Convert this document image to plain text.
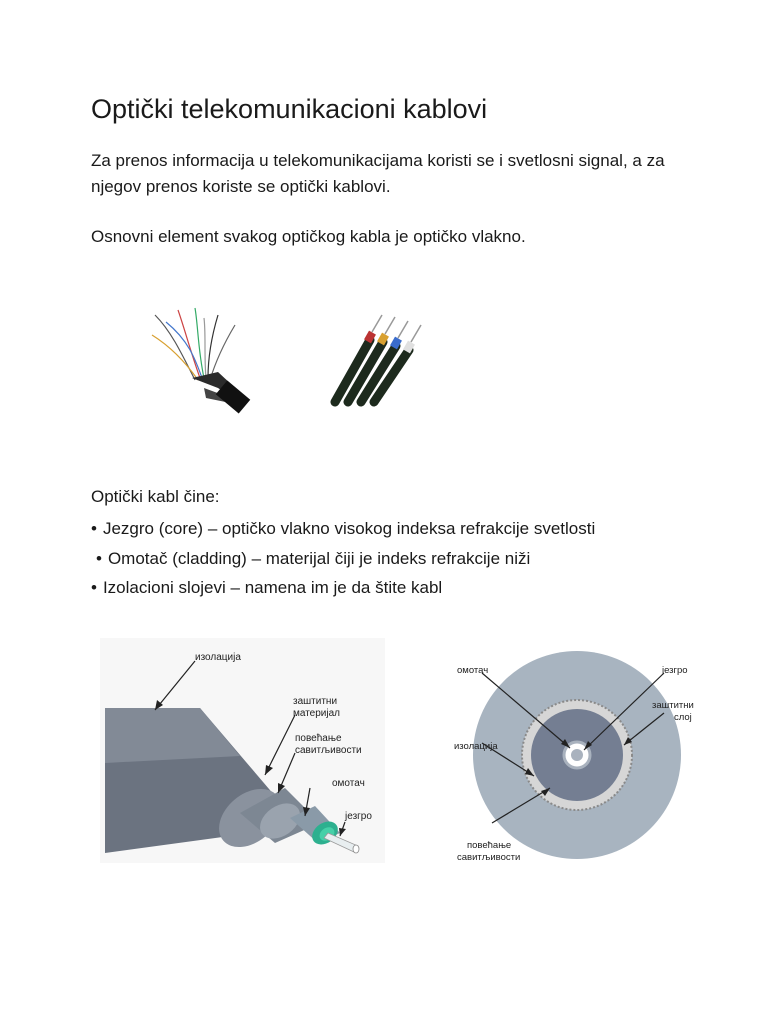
Optički telekomunikacioni kablovi

Za prenos informacija u telekomunikacijama koristi se i svetlosni signal, a za njegov prenos koriste se optički kablovi.

Osnovni element svakog optičkog kabla je optičko vlakno.

Optički kabl čine:

• Jezgro (core) – optičko vlakno visokog indeksa refrakcije svetlosti
• Omotač (cladding) – materijal čiji je indeks refrakcije niži
• Izolacioni slojevi – namena im je da štite kabl
изолација
заштитни
материјал
повећање
савитљивости
омотач
језгро
омотач	језгро
заштитни
слој
изолација
повећање
савитљивости
